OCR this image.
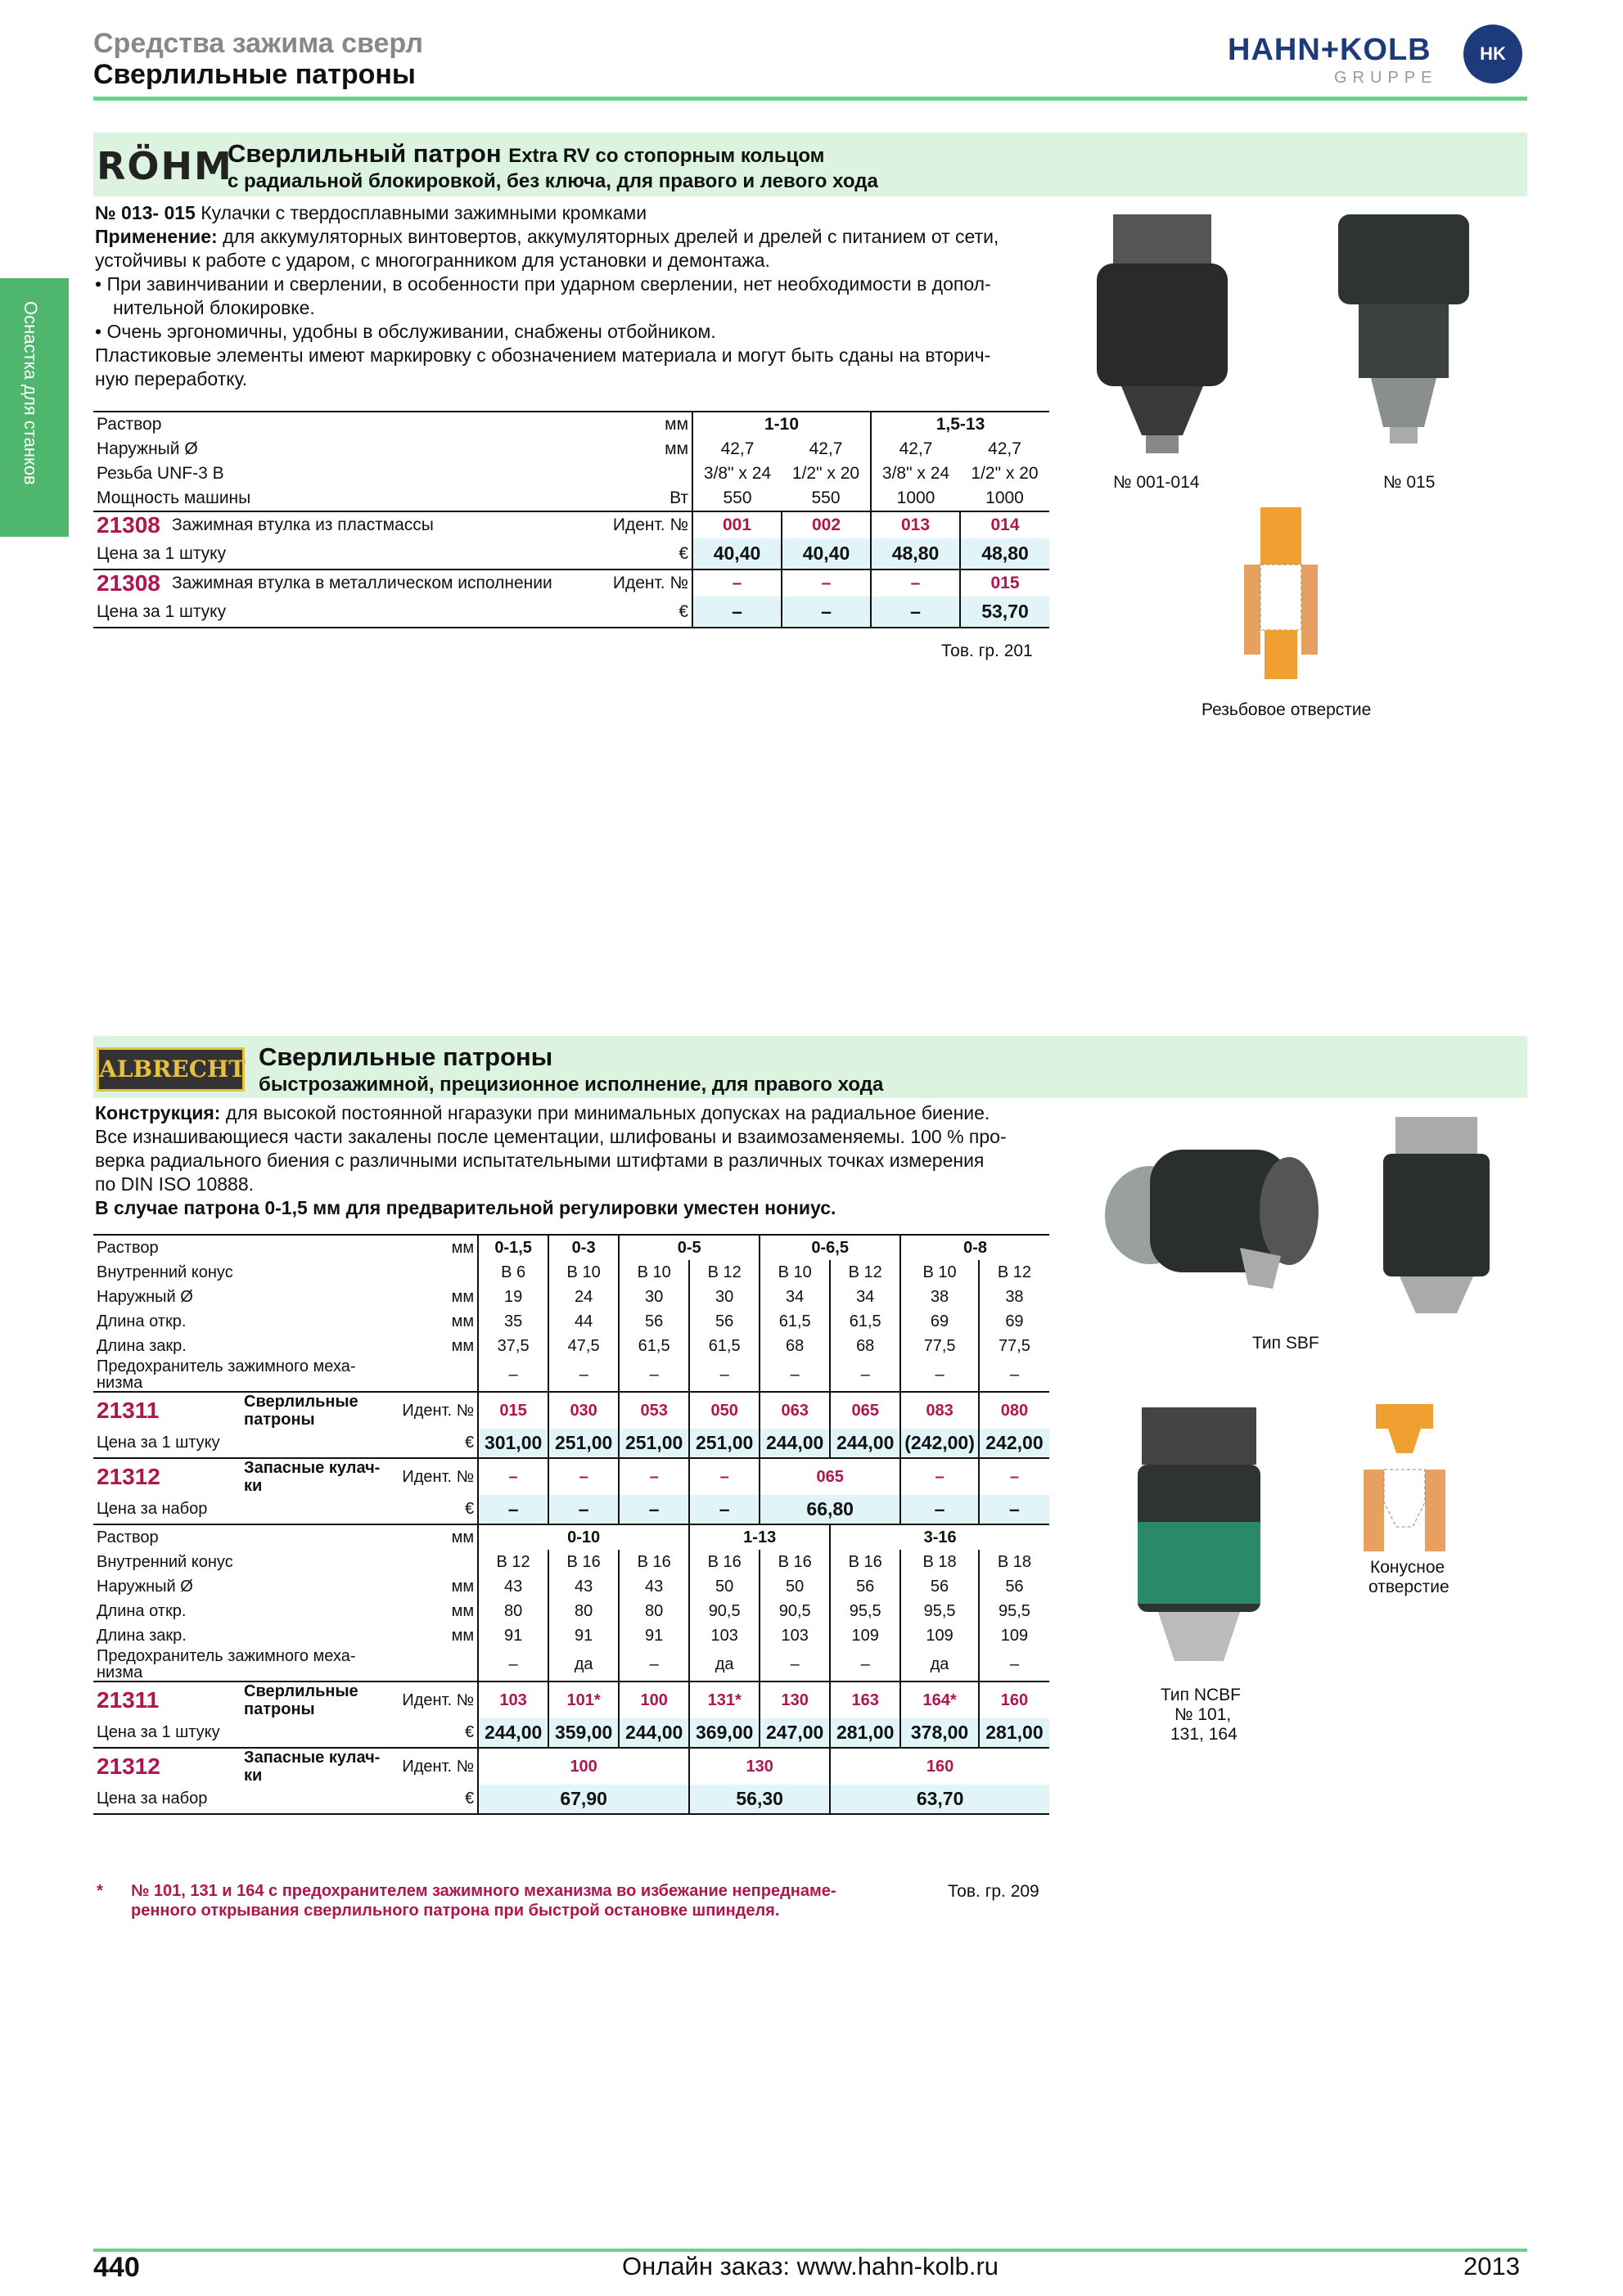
Средства зажима сверл
Сверлильные патроны
HAHN+KOLB
GRUPPE
HK
Оснастка для станков
RÖHM
Сверлильный патрон Extra RV со стопорным кольцом
с радиальной блокировкой, без ключа, для правого и левого хода
№ 013- 015 Кулачки с твердосплавными зажимными кромками
Применение: для аккумуляторных винтовертов, аккумуляторных дрелей и дрелей с питанием от сети,
устойчивы к работе с ударом, с многогранником для установки и демонтажа.
• При завинчивании и сверлении, в особенности при ударном сверлении, нет необходимости в допол-
нительной блокировке.
• Очень эргономичны, удобны в обслуживании, снабжены отбойником.
Пластиковые элементы имеют маркировку с обозначением материала и могут быть сданы на вторич-
ную переработку.
Раствор		мм	1-10		1,5-13	
Наружный Ø		мм	42,7	42,7	42,7	42,7
Резьба UNF-3 B			3/8" x 24	1/2" x 20	3/8" x 24	1/2" x 20
Мощность машины		Вт	550	550	1000	1000
21308	Зажимная втулка из пластмассы	Идент. №	001	002	013	014
Цена за 1 штуку		€	40,40	40,40	48,80	48,80
21308	Зажимная втулка в металлическом исполнении	Идент. №	–	–	–	015
Цена за 1 штуку		€	–	–	–	53,70
Тов. гр. 201
№ 001-014	№ 015
Резьбовое отверстие
ALBRECHT Сверлильные патроны
быстрозажимной, прецизионное исполнение, для правого хода
Конструкция: для высокой постоянной нгаразуки при минимальных допусках на радиальное биение.
Все изнашивающиеся части закалены после цементации, шлифованы и взаимозаменяемы. 100 % про-
верка радиального биения с различными испытательными штифтами в различных точках измерения
по DIN ISO 10888.
В случае патрона 0-1,5 мм для предварительной регулировки уместен нониус.
Раствор		мм	0-1,5	0-3	0-5		0-6,5		0-8	
Внутренний конус			B 6	B 10	B 10	B 12	B 10	B 12	B 10	B 12
Наружный Ø		мм	19	24	30	30	34	34	38	38
Длина откр.		мм	35	44	56	56	61,5	61,5	69	69
Длина закр.		мм	37,5	47,5	61,5	61,5	68	68	77,5	77,5
Предохранитель зажимного меха-
низма			–	–	–	–	–	–	–	–
21311	Сверлильные
патроны	Идент. №	015	030	053	050	063	065	083	080
Цена за 1 штуку		€	301,00	251,00	251,00	251,00	244,00	244,00	(242,00)	242,00
21312	Запасные кулач-
ки	Идент. №	–	–	–	–	065		–	–
Цена за набор		€	–	–	–	–	66,80		–	–
Раствор		мм	0-10			1-13		3-16		
Внутренний конус			B 12	B 16	B 16	B 16	B 16	B 16	B 18	B 18
Наружный Ø		мм	43	43	43	50	50	56	56	56
Длина откр.		мм	80	80	80	90,5	90,5	95,5	95,5	95,5
Длина закр.		мм	91	91	91	103	103	109	109	109
Предохранитель зажимного меха-
низма			–	да	–	да	–	–	да	–
21311	Сверлильные
патроны	Идент. №	103	101*	100	131*	130	163	164*	160
Цена за 1 штуку		€	244,00	359,00	244,00	369,00	247,00	281,00	378,00	281,00
21312	Запасные кулач-
ки	Идент. №	100			130		160		
Цена за набор		€	67,90			56,30		63,70		
* № 101, 131 и 164 с предохранителем зажимного механизма во избежание непреднаме-
ренного открывания сверлильного патрона при быстрой остановке шпинделя.
Тов. гр. 209
Тип SBF
Конусное
отверстие
Тип NCBF
№ 101,
131, 164
440	Онлайн заказ: www.hahn-kolb.ru	2013
